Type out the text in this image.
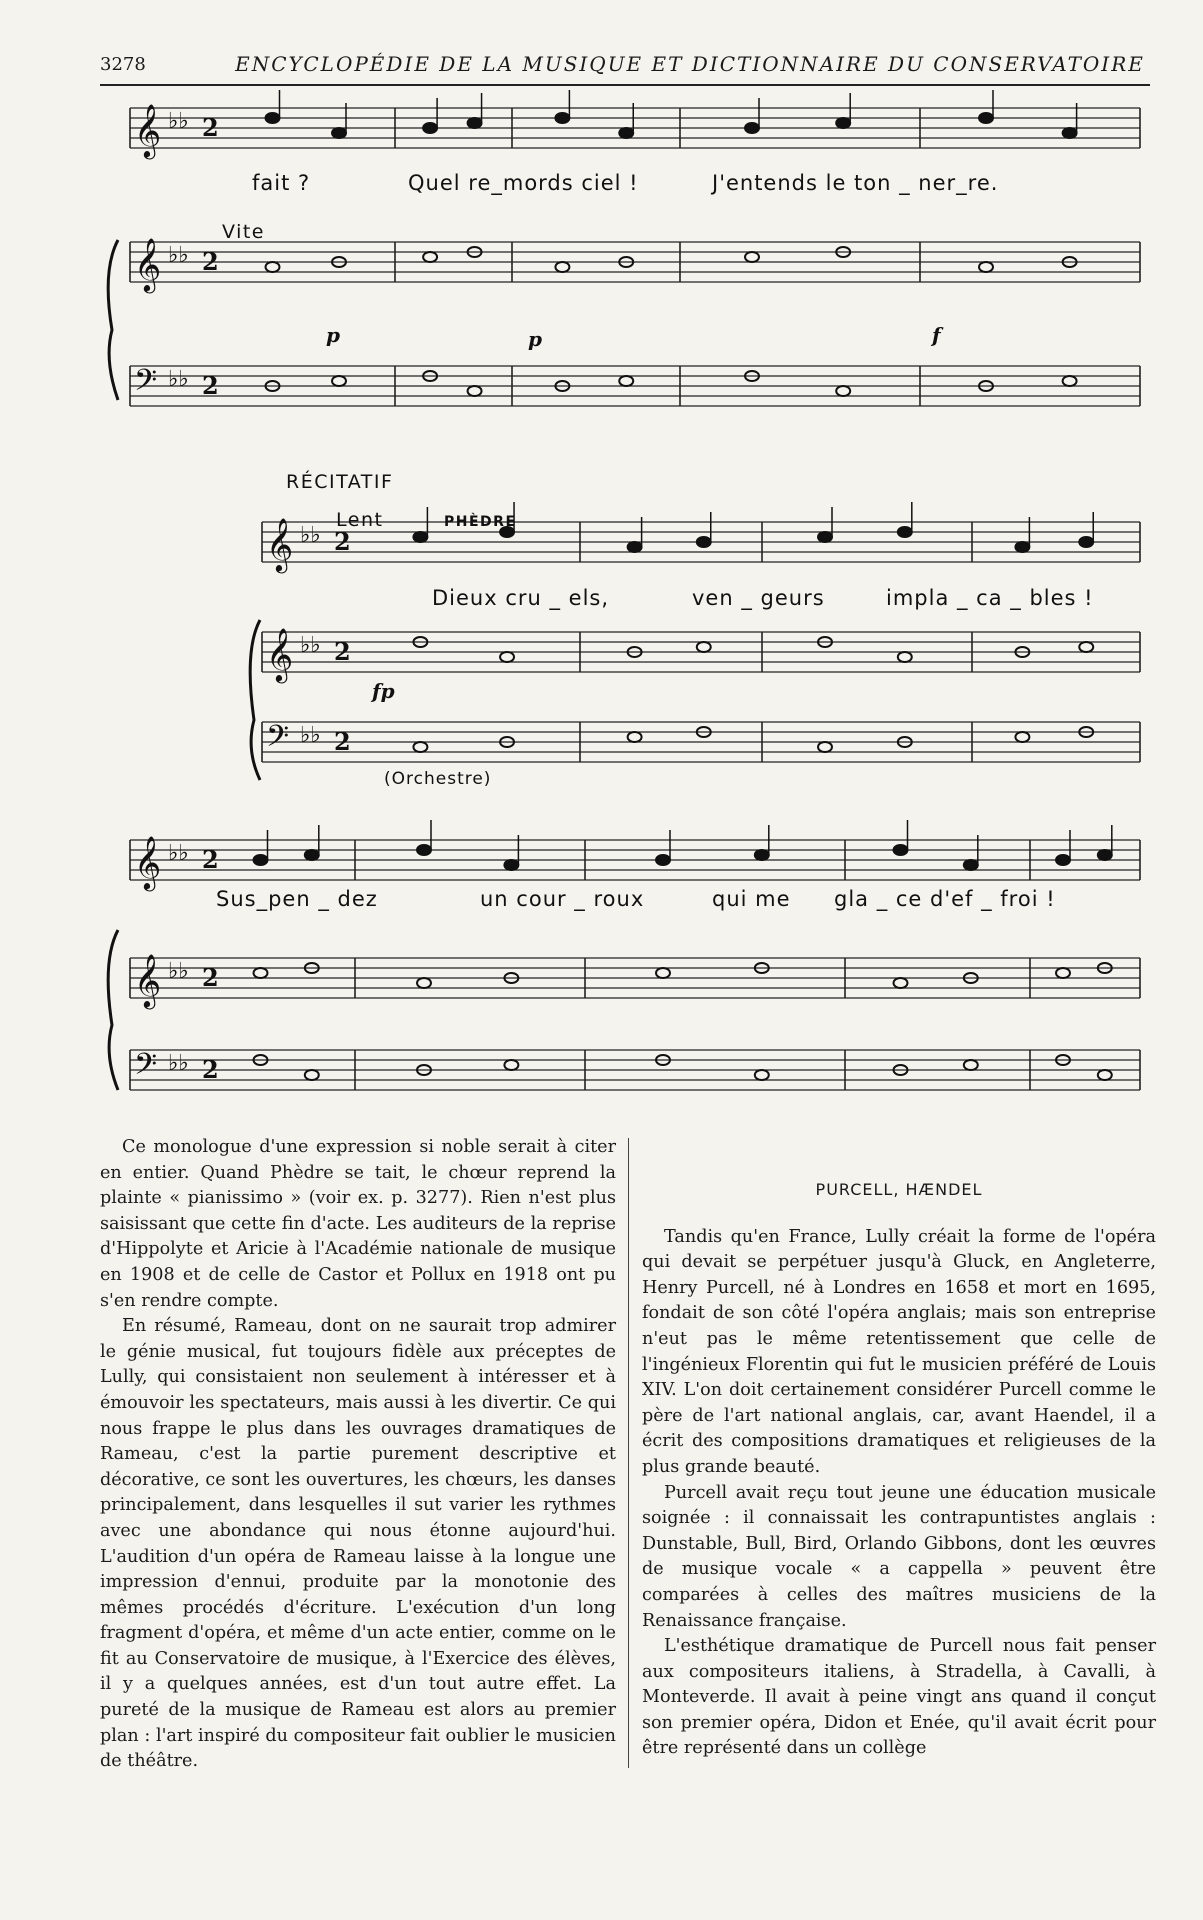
3278	ENCYCLOPÉDIE DE LA MUSIQUE ET DICTIONNAIRE DU CONSERVATOIRE
𝄞 ♭♭ 2
𝄞 ♭♭ 2
𝄢 ♭♭ 2
𝄞 ♭♭ 2
𝄞 ♭♭ 2
𝄢 ♭♭ 2
𝄞 ♭♭ 2
𝄞 ♭♭ 2
𝄢 ♭♭ 2
fait ?	Quel re_mords ciel !	J'entends le ton _ ner_re.
Vite
p	p	f
RÉCITATIF
Lent	PHÈDRE
Dieux cru _ els,	ven _ geurs	impla _ ca _ bles !
fp
(Orchestre)
Sus_pen _ dez	un cour _ roux	qui me gla _ ce d'ef _ froi !

Ce monologue d'une expression si noble serait à citer en entier. Quand Phèdre se tait, le chœur reprend la plainte « pianissimo » (voir ex. p. 3277). Rien n'est plus saisissant que cette fin d'acte. Les auditeurs de la reprise d'Hippolyte et Aricie à l'Académie nationale de musique en 1908 et de celle de Castor et Pollux en 1918 ont pu s'en rendre compte.

En résumé, Rameau, dont on ne saurait trop admirer le génie musical, fut toujours fidèle aux préceptes de Lully, qui consistaient non seulement à intéresser et à émouvoir les spectateurs, mais aussi à les divertir. Ce qui nous frappe le plus dans les ouvrages dramatiques de Rameau, c'est la partie purement descriptive et décorative, ce sont les ouvertures, les chœurs, les danses principalement, dans lesquelles il sut varier les rythmes avec une abondance qui nous étonne aujourd'hui. L'audition d'un opéra de Rameau laisse à la longue une impression d'ennui, produite par la monotonie des mêmes procédés d'écriture. L'exécution d'un long fragment d'opéra, et même d'un acte entier, comme on le fit au Conservatoire de musique, à l'Exercice des élèves, il y a quelques années, est d'un tout autre effet. La pureté de la musique de Rameau est alors au premier plan : l'art inspiré du compositeur fait oublier le musicien de théâtre.

PURCELL, HÆNDEL

Tandis qu'en France, Lully créait la forme de l'opéra qui devait se perpétuer jusqu'à Gluck, en Angleterre, Henry Purcell, né à Londres en 1658 et mort en 1695, fondait de son côté l'opéra anglais; mais son entreprise n'eut pas le même retentissement que celle de l'ingénieux Florentin qui fut le musicien préféré de Louis XIV. L'on doit certainement considérer Purcell comme le père de l'art national anglais, car, avant Haendel, il a écrit des compositions dramatiques et religieuses de la plus grande beauté.

Purcell avait reçu tout jeune une éducation musicale soignée : il connaissait les contrapuntistes anglais : Dunstable, Bull, Bird, Orlando Gibbons, dont les œuvres de musique vocale « a cappella » peuvent être comparées à celles des maîtres musiciens de la Renaissance française.

L'esthétique dramatique de Purcell nous fait penser aux compositeurs italiens, à Stradella, à Cavalli, à Monteverde. Il avait à peine vingt ans quand il conçut son premier opéra, Didon et Enée, qu'il avait écrit pour être représenté dans un collège
